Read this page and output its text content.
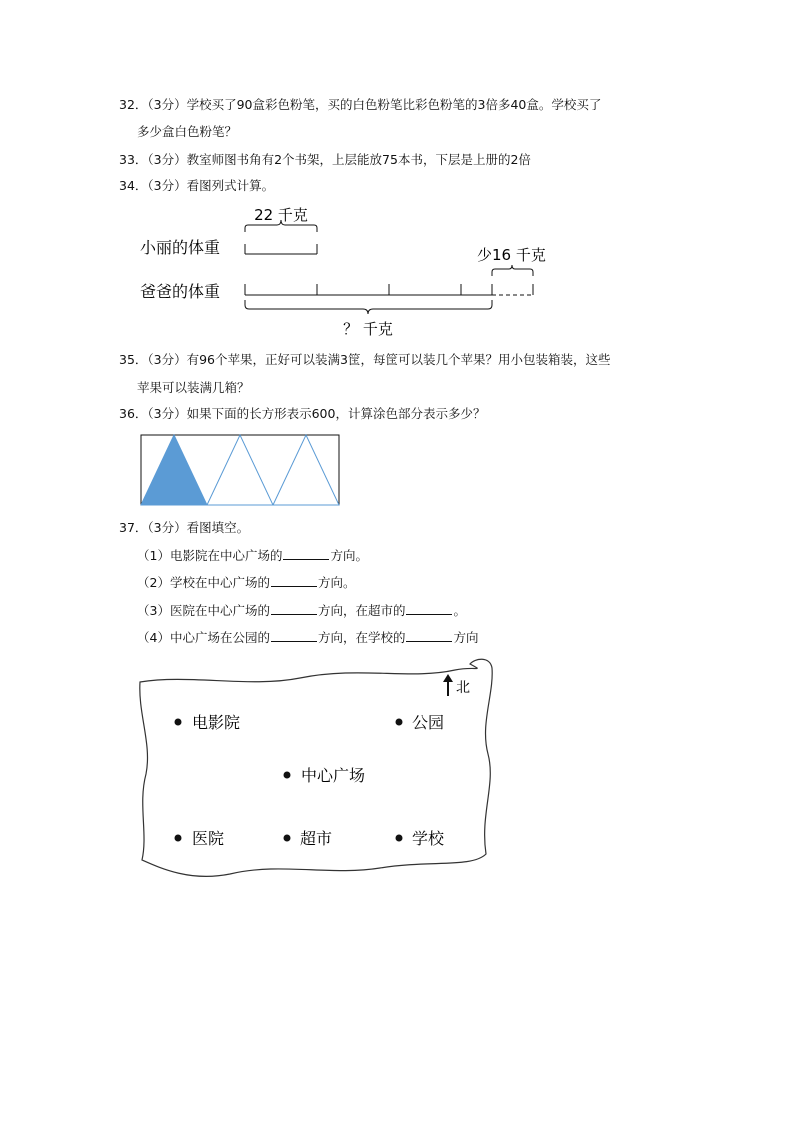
32．（3分）学校买了90盒彩色粉笔，买的白色粉笔比彩色粉笔的3倍多40盒。学校买了
多少盒白色粉笔？
33．（3分）教室师图书角有2个书架，上层能放75本书，下层是上册的2倍
34．（3分）看图列式计算。
22 千克
小丽的体重
爸爸的体重
少16 千克
？ 千克
35．（3分）有96个苹果，正好可以装满3筐，每筐可以装几个苹果？用小包装箱装，这些
苹果可以装满几箱？
36．（3分）如果下面的长方形表示600，计算涂色部分表示多少？
37．（3分）看图填空。
（1）电影院在中心广场的	方向。
（2）学校在中心广场的	方向。
（3）医院在中心广场的	方向，在超市的	。
（4）中心广场在公园的	方向，在学校的	方向
北
电影院	公园
中心广场
医院	超市	学校
